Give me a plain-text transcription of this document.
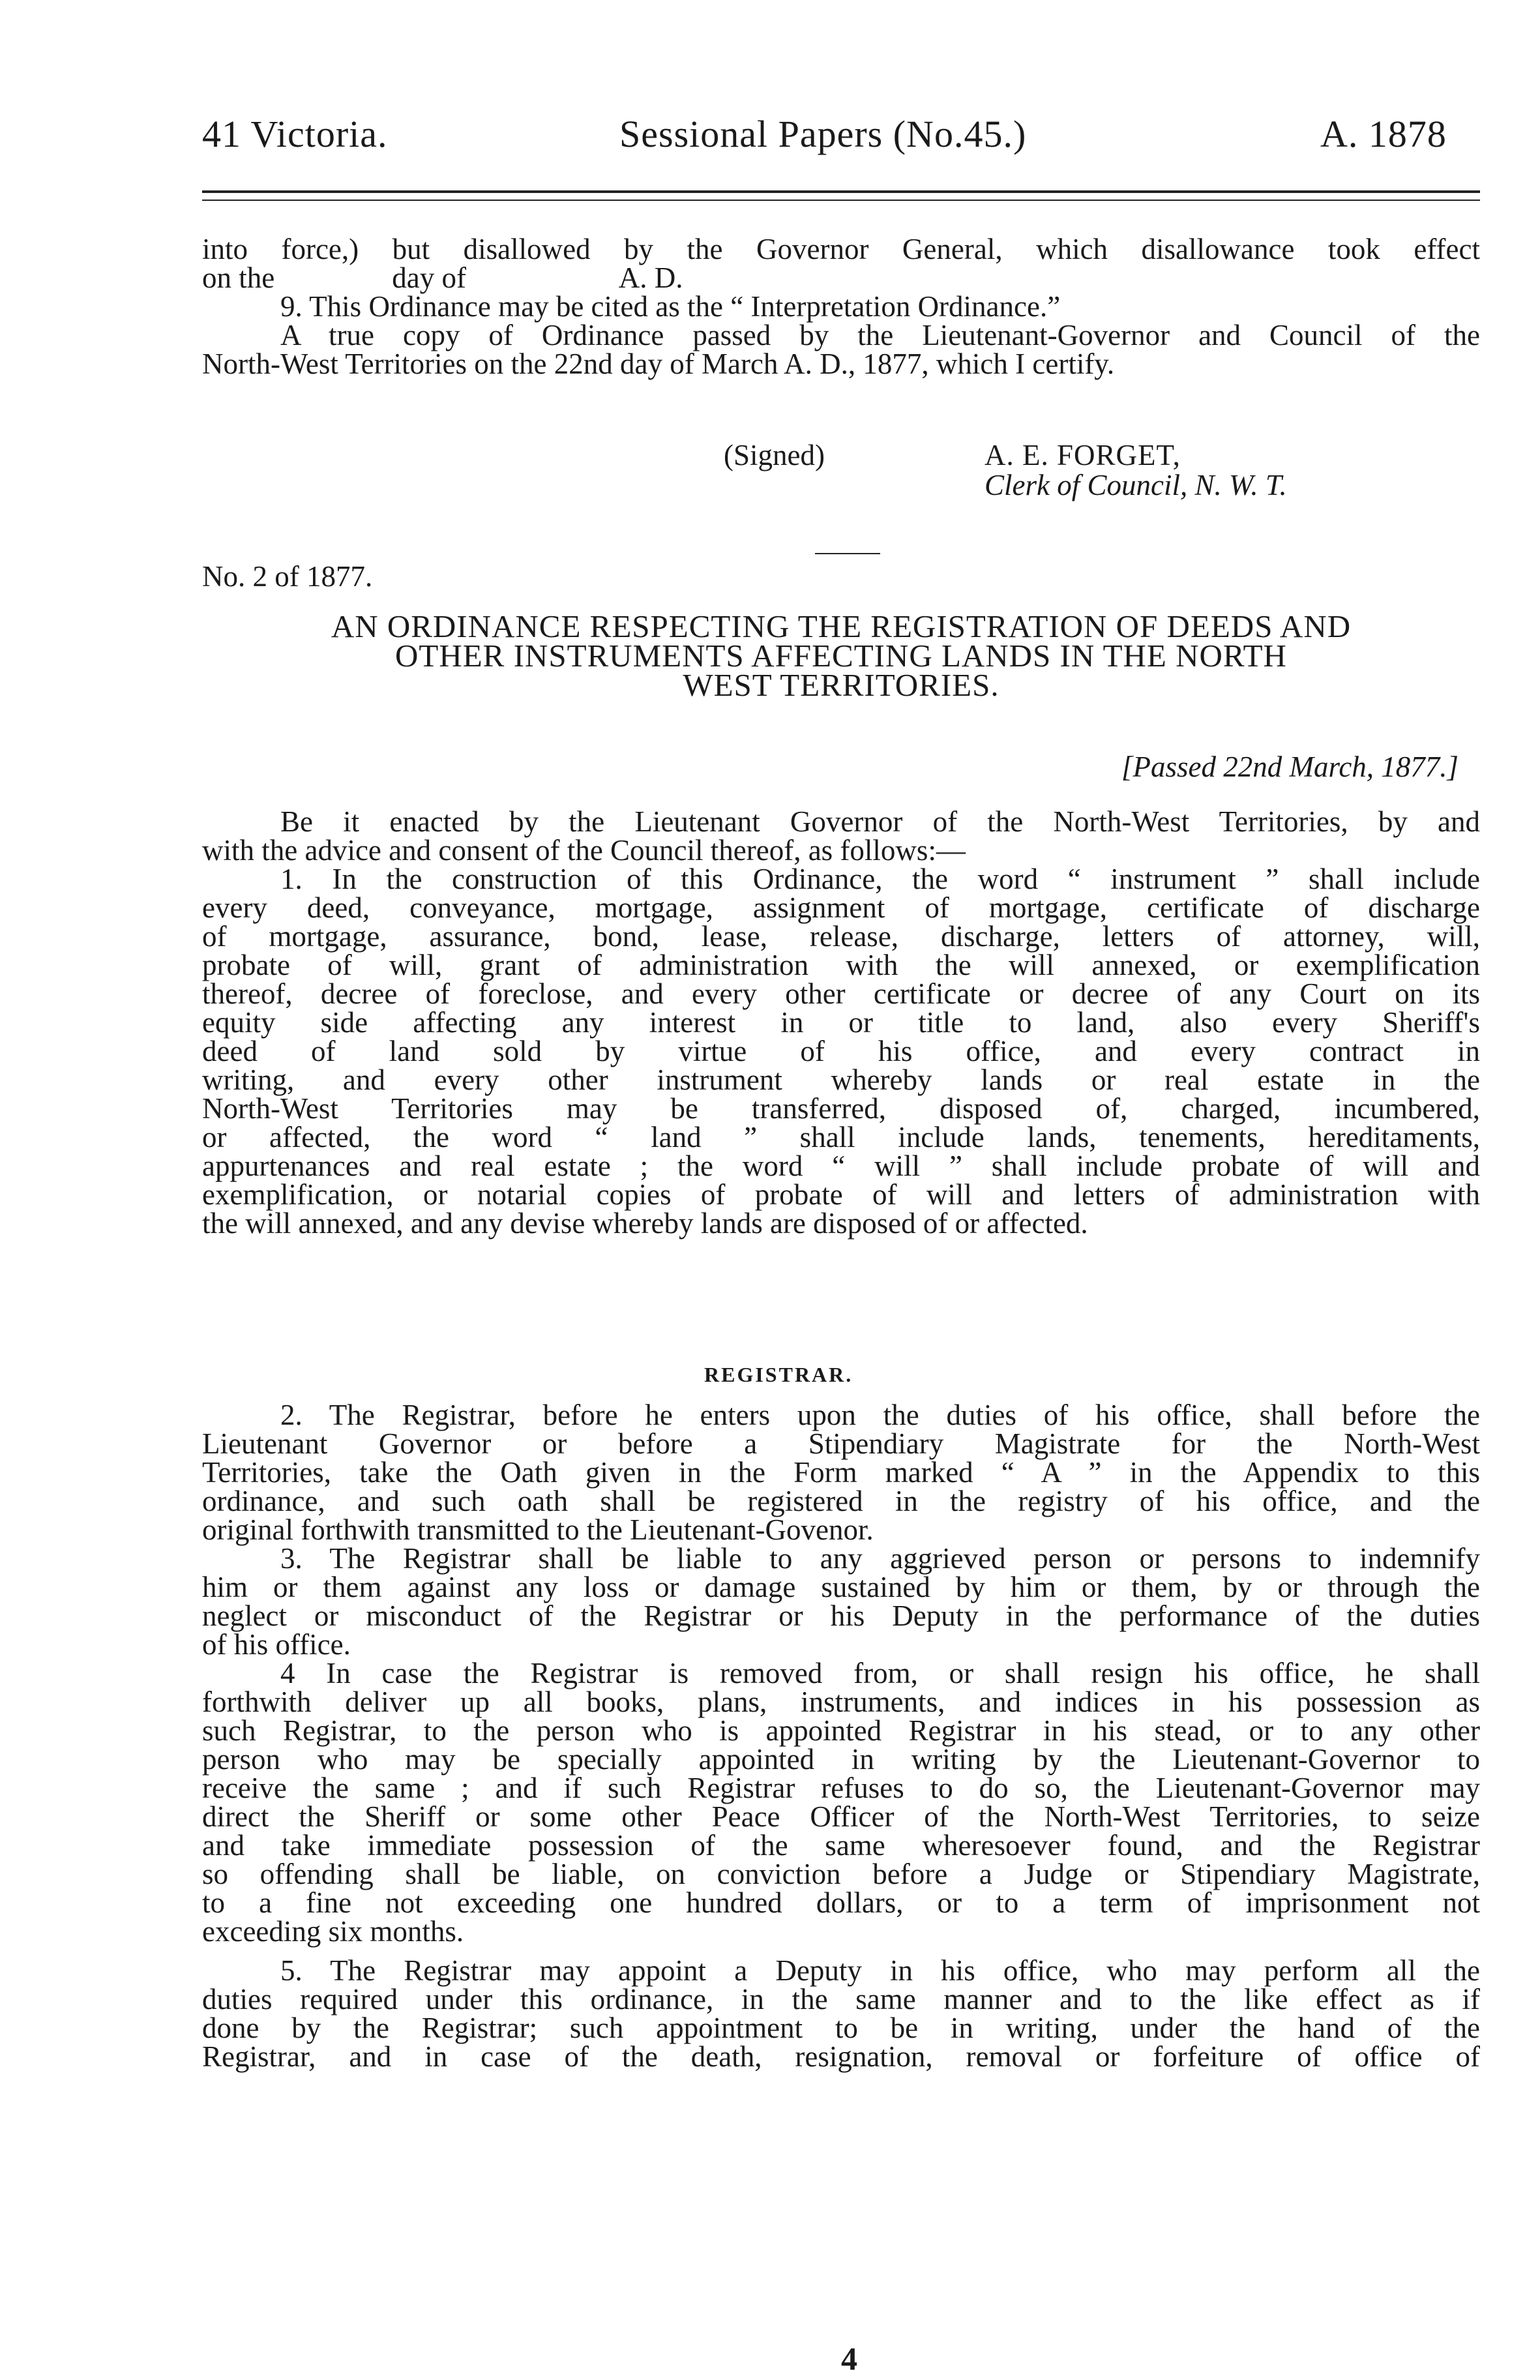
41 Victoria.	Sessional Papers (No.45.)	A. 1878

into force,) but disallowed by the Governor General, which disallowance took effect

on the                day of                     A. D.

9. This Ordinance may be cited as the “ Interpretation Ordinance.”

A true copy of Ordinance passed by the Lieutenant-Governor and Council of the

North-West Territories on the 22nd day of March A. D., 1877, which I certify.

(Signed)	A. E. FORGET,
Clerk of Council, N. W. T.
No. 2 of 1877.

AN ORDINANCE RESPECTING THE REGISTRATION OF DEEDS AND

OTHER INSTRUMENTS AFFECTING LANDS IN THE NORTH

WEST TERRITORIES.

[Passed 22nd March, 1877.]

Be it enacted by the Lieutenant Governor of the North-West Territories, by and

with the advice and consent of the Council thereof, as follows:—

1. In the construction of this Ordinance, the word “ instrument ” shall include

every deed, conveyance, mortgage, assignment of mortgage, certificate of discharge

of mortgage, assurance, bond, lease, release, discharge, letters of attorney, will,

probate of will, grant of administration with the will annexed, or exemplification

thereof, decree of foreclose, and every other certificate or decree of any Court on its

equity side affecting any interest in or title to land, also every Sheriff's

deed of land sold by virtue of his office, and every contract in

writing, and every other instrument whereby lands or real estate in the

North-West Territories may be transferred, disposed of, charged, incumbered,

or affected, the word “ land ” shall include lands, tenements, hereditaments,

appurtenances and real estate ; the word “ will ” shall include probate of will and

exemplification, or notarial copies of probate of will and letters of administration with

the will annexed, and any devise whereby lands are disposed of or affected.

REGISTRAR.

2. The Registrar, before he enters upon the duties of his office, shall before the

Lieutenant Governor or before a Stipendiary Magistrate for the North-West

Territories, take the Oath given in the Form marked “ A ” in the Appendix to this

ordinance, and such oath shall be registered in the registry of his office, and the

original forthwith transmitted to the Lieutenant-Govenor.

3. The Registrar shall be liable to any aggrieved person or persons to indemnify

him or them against any loss or damage sustained by him or them, by or through the

neglect or misconduct of the Registrar or his Deputy in the performance of the duties

of his office.

4 In case the Registrar is removed from, or shall resign his office, he shall

forthwith deliver up all books, plans, instruments, and indices in his possession as

such Registrar, to the person who is appointed Registrar in his stead, or to any other

person who may be specially appointed in writing by the Lieutenant-Governor to

receive the same ; and if such Registrar refuses to do so, the Lieutenant-Governor may

direct the Sheriff or some other Peace Officer of the North-West Territories, to seize

and take immediate possession of the same wheresoever found, and the Registrar

so offending shall be liable, on conviction before a Judge or Stipendiary Magistrate,

to a fine not exceeding one hundred dollars, or to a term of imprisonment not

exceeding six months.

5. The Registrar may appoint a Deputy in his office, who may perform all the

duties required under this ordinance, in the same manner and to the like effect as if

done by the Registrar; such appointment to be in writing, under the hand of the

Registrar, and in case of the death, resignation, removal or forfeiture of office of

4
